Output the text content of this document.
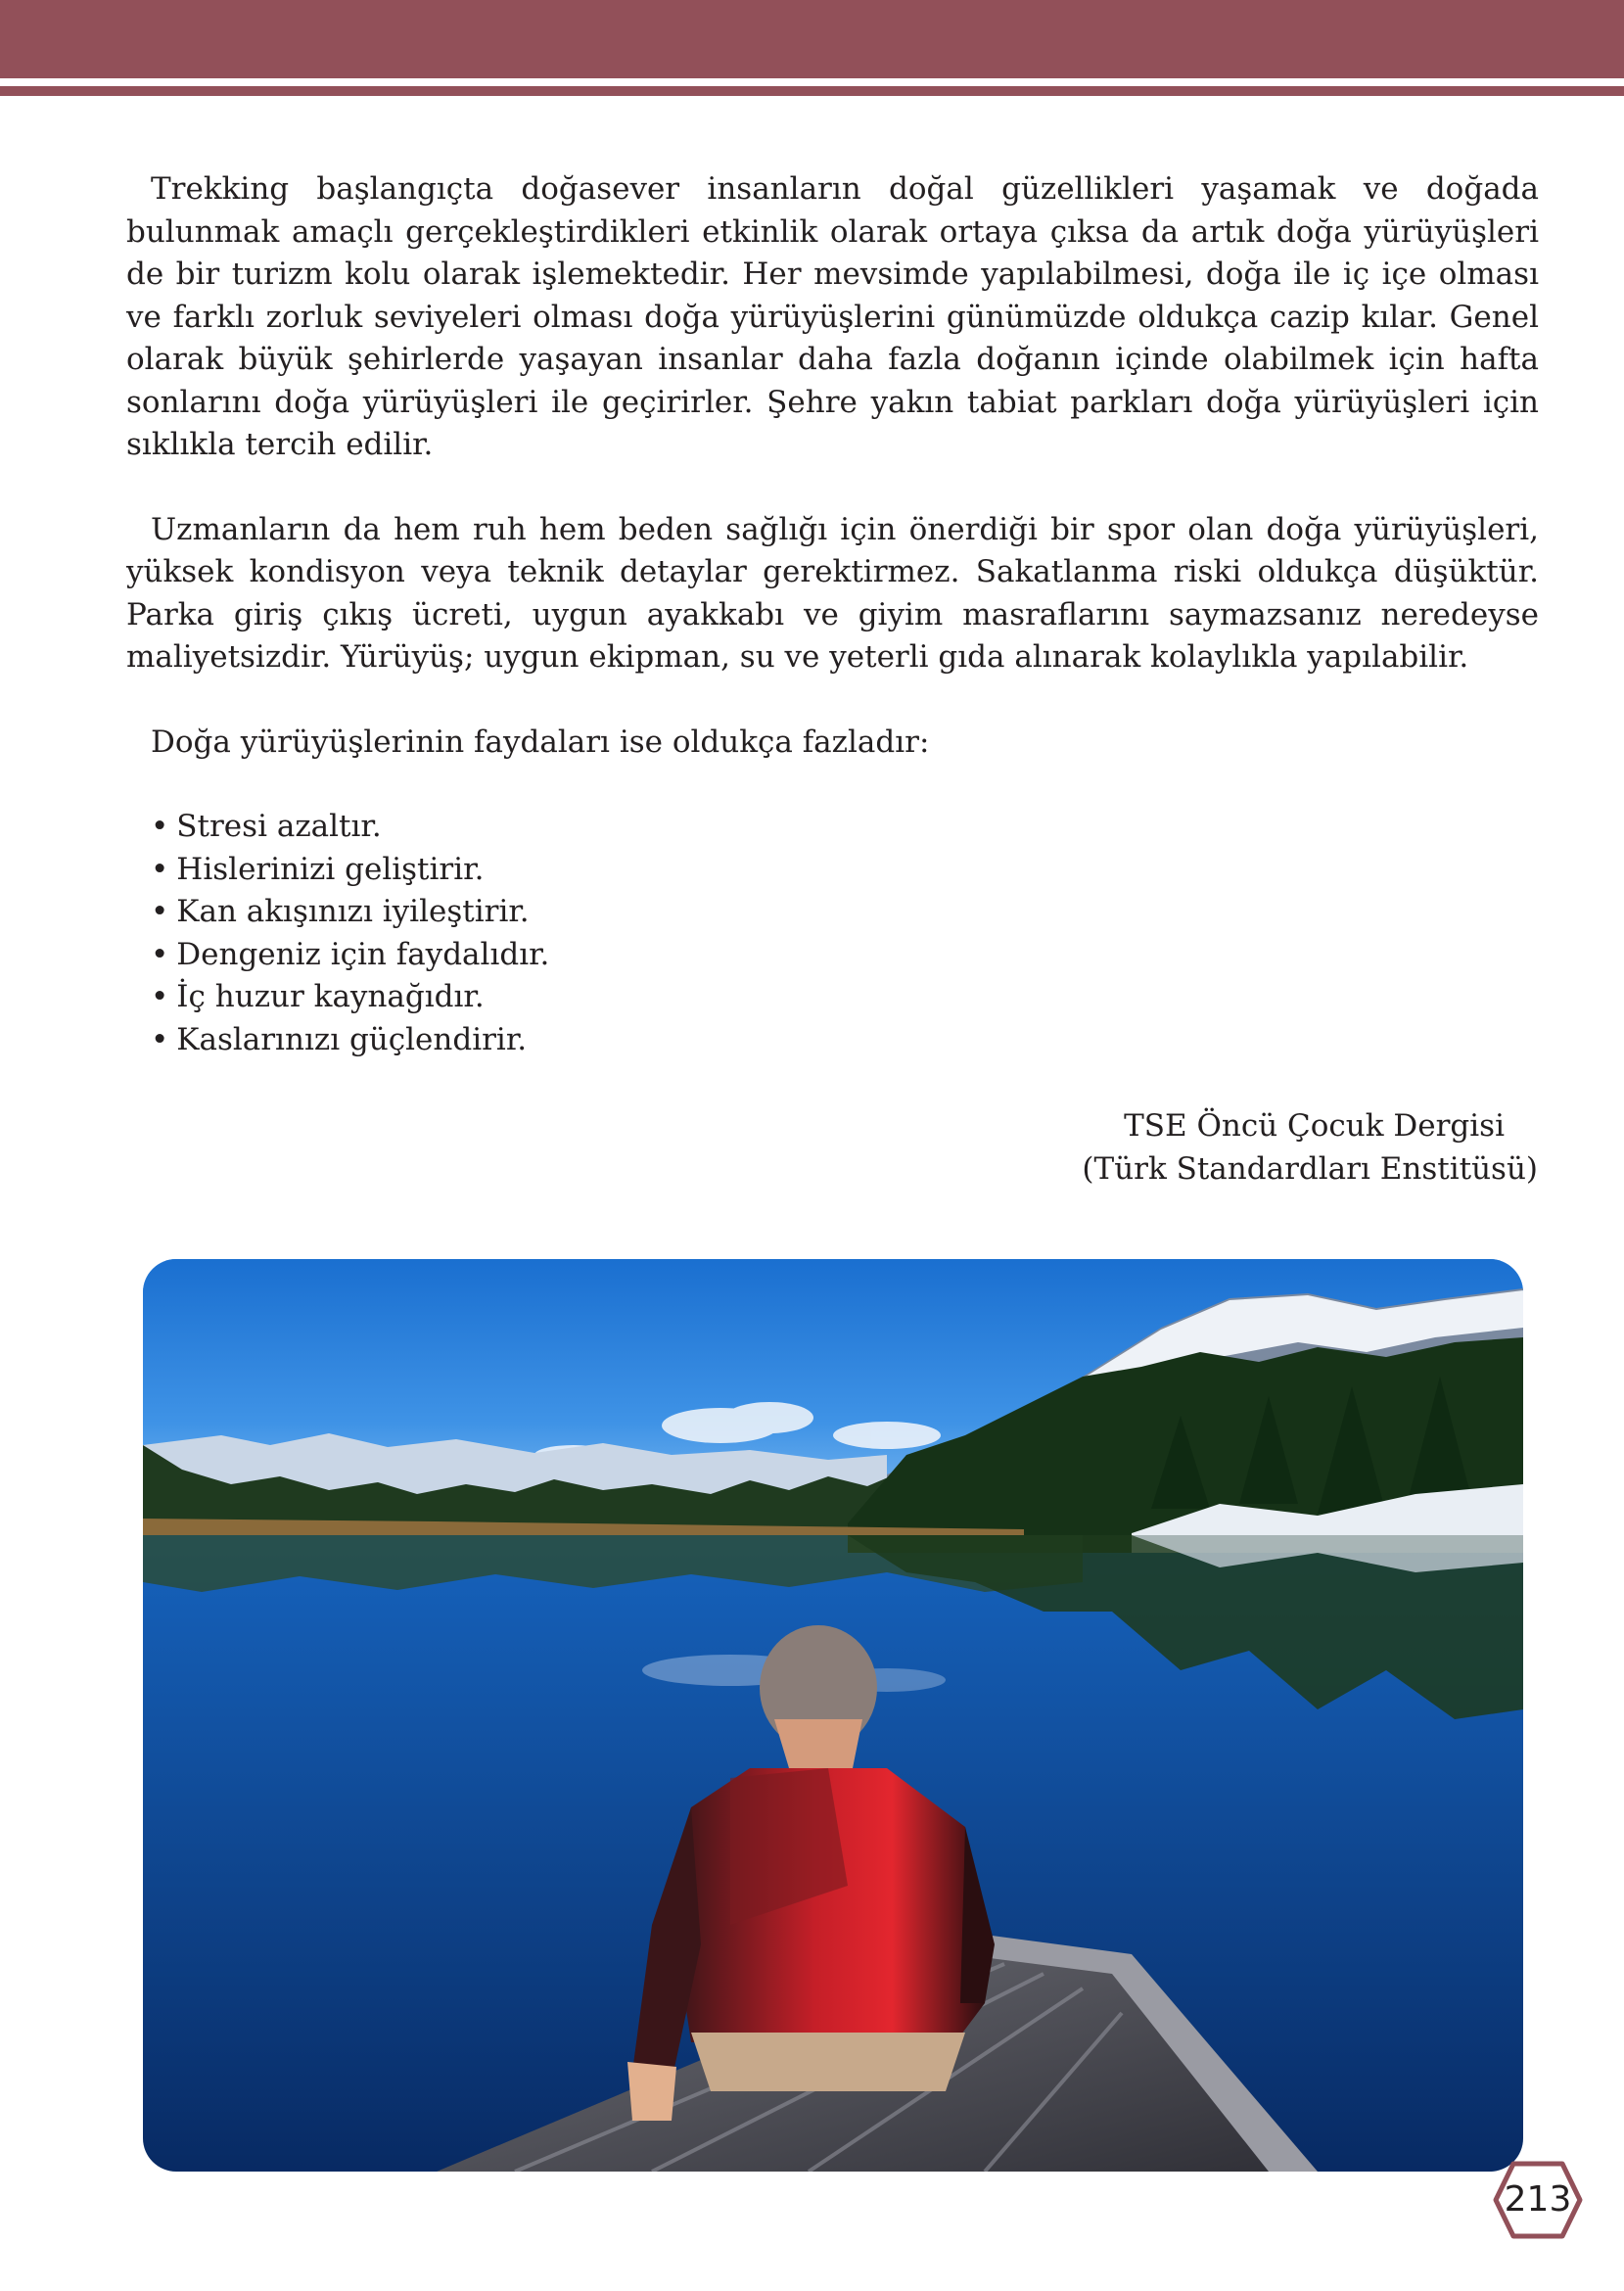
Trekking başlangıçta doğasever insanların doğal güzellikleri yaşamak ve doğada bulunmak amaçlı gerçekleştirdikleri etkinlik olarak ortaya çıksa da artık doğa yürüyüşleri de bir turizm kolu olarak işlemektedir. Her mevsimde yapılabilmesi, doğa ile iç içe olması ve farklı zorluk seviyeleri olması doğa yürüyüşlerini günümüzde oldukça cazip kılar. Genel olarak büyük şehirlerde yaşayan insanlar daha fazla doğanın içinde olabilmek için hafta sonlarını doğa yürüyüşleri ile geçirirler. Şehre yakın tabiat parkları doğa yürüyüşleri için sıklıkla tercih edilir.

Uzmanların da hem ruh hem beden sağlığı için önerdiği bir spor olan doğa yürüyüşleri, yüksek kondisyon veya teknik detaylar gerektirmez. Sakatlanma riski oldukça düşüktür. Parka giriş çıkış ücreti, uygun ayakkabı ve giyim masraflarını saymazsanız neredeyse maliyetsizdir. Yürüyüş; uygun ekipman, su ve yeterli gıda alınarak kolaylıkla yapılabilir.

Doğa yürüyüşlerinin faydaları ise oldukça fazladır:

• Stresi azaltır.
• Hislerinizi geliştirir.
• Kan akışınızı iyileştirir.
• Dengeniz için faydalıdır.
• İç huzur kaynağıdır.
• Kaslarınızı güçlendirir.
TSE Öncü Çocuk Dergisi
(Türk Standardları Enstitüsü)
213
